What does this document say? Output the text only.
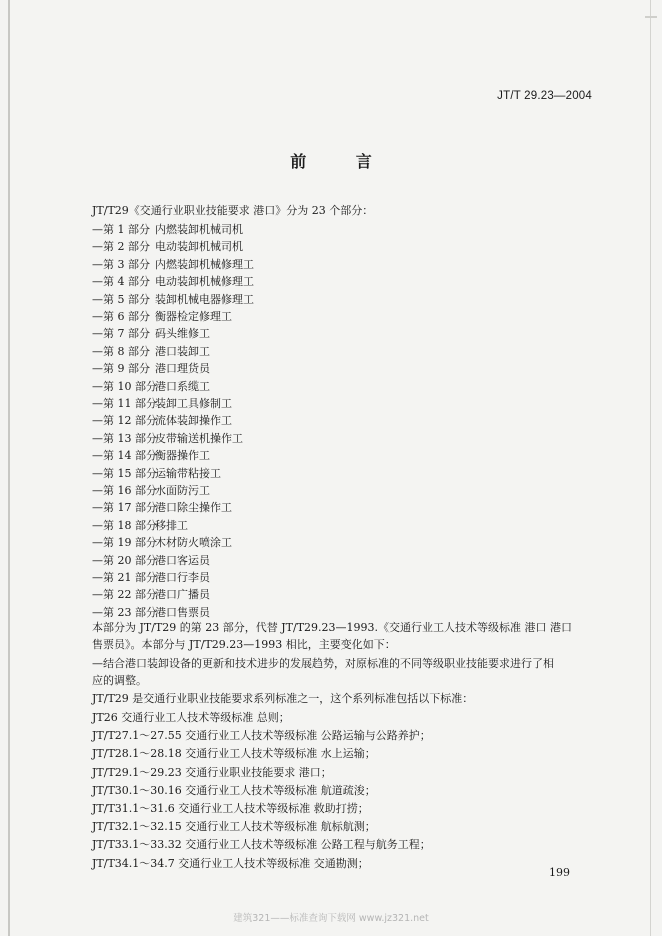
JT/T 29.23—2004
前 言
JT/T29《交通行业职业技能要求 港口》分为 23 个部分：
—第 1 部分 内燃装卸机械司机
—第 2 部分 电动装卸机械司机
—第 3 部分 内燃装卸机械修理工
—第 4 部分 电动装卸机械修理工
—第 5 部分 装卸机械电器修理工
—第 6 部分 衡器检定修理工
—第 7 部分 码头维修工
—第 8 部分 港口装卸工
—第 9 部分 港口理货员
—第 10 部分港口系缆工
—第 11 部分装卸工具修制工
—第 12 部分流体装卸操作工
—第 13 部分皮带输送机操作工
—第 14 部分衡器操作工
—第 15 部分运输带粘接工
—第 16 部分水面防污工
—第 17 部分港口除尘操作工
—第 18 部分移排工
—第 19 部分木材防火喷涂工
—第 20 部分港口客运员
—第 21 部分港口行李员
—第 22 部分港口广播员
—第 23 部分港口售票员
本部分为 JT/T29 的第 23 部分，代替 JT/T29.23—1993.《交通行业工人技术等级标准 港口 港口
售票员》。本部分与 JT/T29.23—1993 相比，主要变化如下：
—结合港口装卸设备的更新和技术进步的发展趋势，对原标准的不同等级职业技能要求进行了相
应的调整。
JT/T29 是交通行业职业技能要求系列标准之一，这个系列标准包括以下标准：
JT26 交通行业工人技术等级标准 总则；
JT/T27.1～27.55 交通行业工人技术等级标准 公路运输与公路养护；
JT/T28.1～28.18 交通行业工人技术等级标准 水上运输；
JT/T29.1～29.23 交通行业职业技能要求 港口；
JT/T30.1～30.16 交通行业工人技术等级标准 航道疏浚；
JT/T31.1～31.6 交通行业工人技术等级标准 救助打捞；
JT/T32.1～32.15 交通行业工人技术等级标准 航标航测；
JT/T33.1～33.32 交通行业工人技术等级标准 公路工程与航务工程；
JT/T34.1～34.7 交通行业工人技术等级标准 交通勘测；
199
建筑321——标准查询下载网 www.jz321.net
